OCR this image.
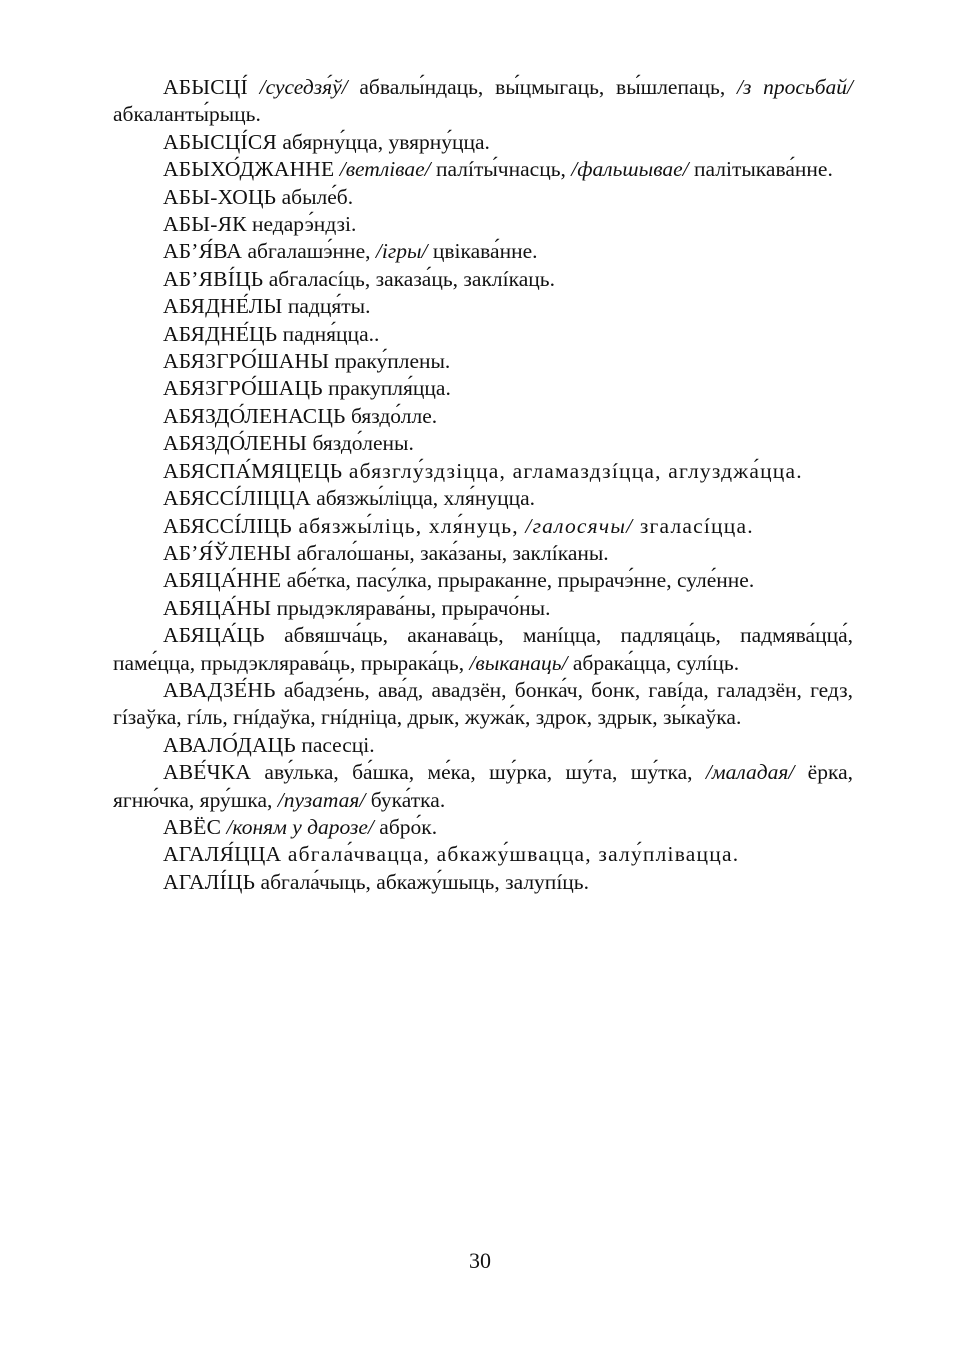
АБЫСЦІ́ /суседзя́ў/ абвалы́ндаць, вы́цмыгаць, вы́шлепаць, /з просьбай/ абкаланты́рыць.

АБЫСЦІ́СЯ абярну́цца, увярну́цца.

АБЫХО́ДЖАННЕ /ветлівае/ палíты́чнасць, /фальшывае/ палітыкава́нне.

АБЫ-ХОЦЬ абыле́б.

АБЫ-ЯК недарэ́ндзі.

АБ’Я́ВА абгалашэ́нне, /ігры/ цвікава́нне.

АБ’ЯВІ́ЦЬ абгаласíць, заказа́ць, заклíкаць.

АБЯДНЕ́ЛЫ падця́ты.

АБЯДНЕ́ЦЬ падня́цца..

АБЯЗГРО́ШАНЫ праку́плены.

АБЯЗГРО́ШАЦЬ пракупля́цца.

АБЯЗДО́ЛЕНАСЦЬ бяздо́лле.

АБЯЗДО́ЛЕНЫ бяздо́лены.

АБЯСПА́МЯЦЕЦЬ абязглу́здзіцца, агламаздзíцца, аглузджа́цца.

АБЯССІ́ЛІЦЦА абязжы́ліцца, хля́нуцца.

АБЯССІ́ЛІЦЬ абязжы́ліць, хля́нуць, /галосячы/ згаласíцца.

АБ’Я́ЎЛЕНЫ абгало́шаны, зака́заны, заклíканы.

АБЯЦА́ННЕ абе́тка, пасу́лка, прыраканне, прырачэ́нне, суле́нне.

АБЯЦА́НЫ прыдэклярава́ны, прырачо́ны.

АБЯЦА́ЦЬ абвяшча́ць, аканава́ць, манíцца, падляца́ць, падмява́цца́, паме́цца, прыдэклярава́ць, прырака́ць, /выканаць/ абрака́цца, сулíць.

АВАДЗЕ́НЬ абадзе́нь, ава́д, авадзён, бонка́ч, бонк, гавíда, галадзён, гедз, гíзаўка, гíль, гнíдаўка, гнíдніца, дрык, жужа́к, здрок, здрык, зы́каўка.

АВАЛО́ДАЦЬ пасесці.

АВЕ́ЧКА аву́лька, ба́шка, ме́ка, шу́рка, шу́та, шу́тка, /маладая/ ёрка, ягню́чка, яру́шка, /пузатая/ бука́тка.

АВЁС /коням у дарозе/ абро́к.

АГАЛЯ́ЦЦА абгала́чвацца, абкажу́швацца, залу́плівацца.

АГАЛІ́ЦЬ абгала́чыць, абкажу́шыць, залупíць.

30
